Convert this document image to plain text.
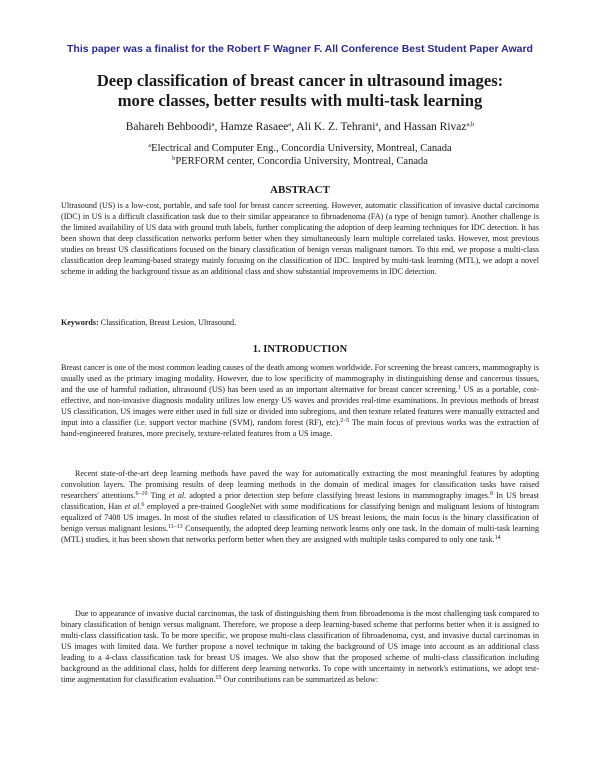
This paper was a finalist for the Robert F Wagner F. All Conference Best Student Paper Award
Deep classification of breast cancer in ultrasound images:
more classes, better results with multi-task learning
Bahareh Behboodi$^a$, Hamze Rasaee$^a$, Ali K. Z. Tehrani$^a$, and Hassan Rivaz$^{a,b}$
$^a$Electrical and Computer Eng., Concordia University, Montreal, Canada
$^b$PERFORM center, Concordia University, Montreal, Canada
ABSTRACT
Ultrasound (US) is a low-cost, portable, and safe tool for breast cancer screening. However, automatic classification of invasive ductal carcinoma (IDC) in US is a difficult classification task due to their similar appearance to fibroadenoma (FA) (a type of benign tumor). Another challenge is the limited availability of US data with ground truth labels, further complicating the adoption of deep learning techniques for IDC detection. It has been shown that deep classification networks perform better when they simultaneously learn multiple correlated tasks. However, most previous studies on breast US classifications focused on the binary classification of benign versus malignant tumors. To this end, we propose a multi-class classification deep learning-based strategy mainly focusing on the classification of IDC. Inspired by multi-task learning (MTL), we adopt a novel scheme in adding the background tissue as an additional class and show substantial improvements in IDC detection.
Keywords: Classification, Breast Lesion, Ultrasound.
1. INTRODUCTION

Breast cancer is one of the most common leading causes of the death among women worldwide. For screening the breast cancers, mammography is usually used as the primary imaging modality. However, due to low specificity of mammography in distinguishing dense and cancerous tissues, and the use of harmful radiation, ultrasound (US) has been used as an important alternative for breast cancer screening.$^1$ US as a portable, cost-effective, and non-invasive diagnosis modality utilizes low energy US waves and provides real-time examinations. In previous methods of breast US classification, US images were either used in full size or divided into subregions, and then texture related features were manually extracted and input into a classifier (i.e. support vector machine (SVM), random forest (RF), etc).$^{2-5}$ The main focus of previous works was the extraction of hand-engineered features, more precisely, texture-related features from a US image.

Recent state-of-the-art deep learning methods have paved the way for automatically extracting the most meaningful features by adopting convolution layers. The promising results of deep learning methods in the domain of medical images for classification tasks have raised researchers' attentions.$^{6-10}$ Ting et al. adopted a prior detection step before classifying breast lesions in mammography images.$^8$ In US breast classification, Han et al.$^6$ employed a pre-trained GoogleNet with some modifications for classifying benign and malignant lesions of histogram equalized of 7408 US images. In most of the studies related to classification of US breast lesions, the main focus is the binary classification of benign versus malignant lesions.$^{11-13}$ Consequently, the adopted deep learning network learns only one task. In the domain of multi-task learning (MTL) studies, it has been shown that networks perform better when they are assigned with multiple tasks compared to only one task.$^{14}$

Due to appearance of invasive ductal carcinomas, the task of distinguishing them from fibroadenoma is the most challenging task compared to binary classification of benign versus malignant. Therefore, we propose a deep learning-based scheme that performs better when it is assigned to multi-class classification task. To be more specific, we propose multi-class classification of fibroadenoma, cyst, and invasive ductal carcinomas in US images with limited data. We further propose a novel technique in taking the background of US image into account as an additional class leading to a 4-class classification task for breast US images. We also show that the proposed scheme of multi-class classification including background as the additional class, holds for different deep learning networks. To cope with uncertainty in network's estimations, we adopt test-time augmentation for classification evaluation.$^{15}$ Our contributions can be summarized as below:
